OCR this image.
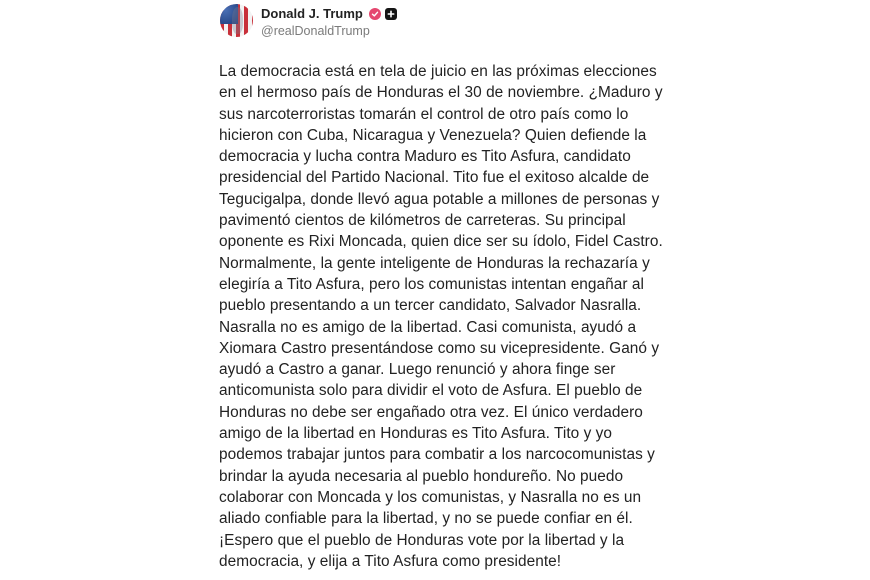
Donald J. Trump
@realDonaldTrump
La democracia está en tela de juicio en las próximas elecciones
en el hermoso país de Honduras el 30 de noviembre. ¿Maduro y
sus narcoterroristas tomarán el control de otro país como lo
hicieron con Cuba, Nicaragua y Venezuela? Quien defiende la
democracia y lucha contra Maduro es Tito Asfura, candidato
presidencial del Partido Nacional. Tito fue el exitoso alcalde de
Tegucigalpa, donde llevó agua potable a millones de personas y
pavimentó cientos de kilómetros de carreteras. Su principal
oponente es Rixi Moncada, quien dice ser su ídolo, Fidel Castro.
Normalmente, la gente inteligente de Honduras la rechazaría y
elegiría a Tito Asfura, pero los comunistas intentan engañar al
pueblo presentando a un tercer candidato, Salvador Nasralla.
Nasralla no es amigo de la libertad. Casi comunista, ayudó a
Xiomara Castro presentándose como su vicepresidente. Ganó y
ayudó a Castro a ganar. Luego renunció y ahora finge ser
anticomunista solo para dividir el voto de Asfura. El pueblo de
Honduras no debe ser engañado otra vez. El único verdadero
amigo de la libertad en Honduras es Tito Asfura. Tito y yo
podemos trabajar juntos para combatir a los narcocomunistas y
brindar la ayuda necesaria al pueblo hondureño. No puedo
colaborar con Moncada y los comunistas, y Nasralla no es un
aliado confiable para la libertad, y no se puede confiar en él.
¡Espero que el pueblo de Honduras vote por la libertad y la
democracia, y elija a Tito Asfura como presidente!
